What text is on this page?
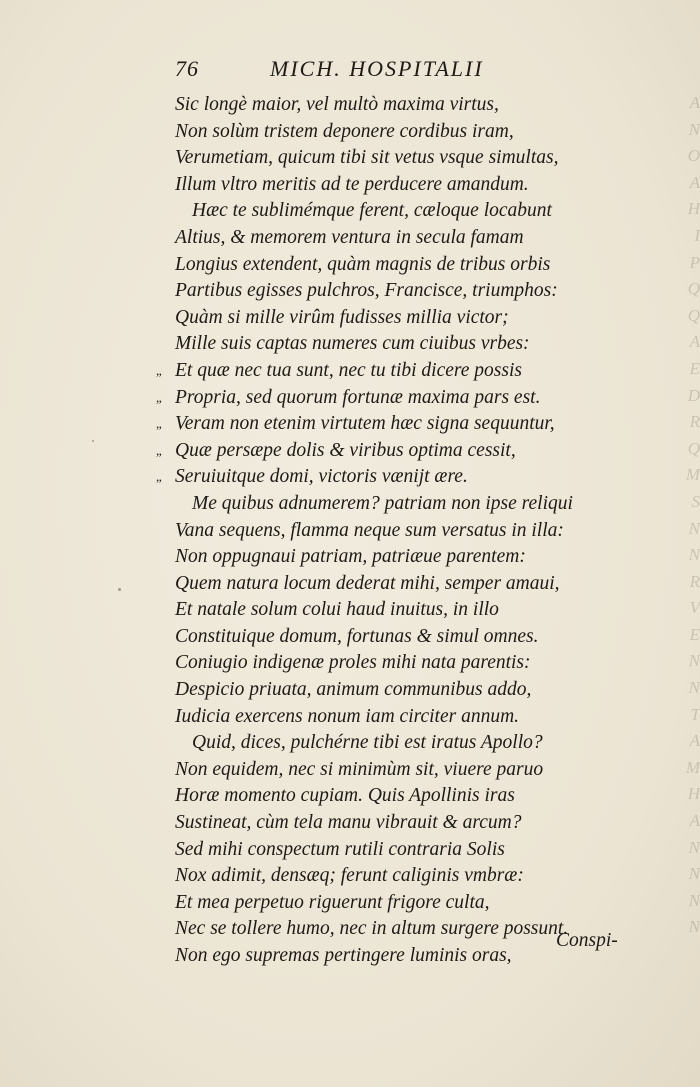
A
N
O
A
H
I
P
Q
Q
A
E
D
R
Q
M
S
N
N
R
V
E
N
N
T
A
M
H
A
N
N
N
N
76	MICH. HOSPITALII
Sic longè maior, vel multò maxima virtus,
Non solùm tristem deponere cordibus iram,
Verumetiam, quicum tibi sit vetus vsque simultas,
Illum vltro meritis ad te perducere amandum.
Hæc te sublimémque ferent, cæloque locabunt
Altius, & memorem ventura in secula famam
Longius extendent, quàm magnis de tribus orbis
Partibus egisses pulchros, Francisce, triumphos:
Quàm si mille virûm fudisses millia victor;
Mille suis captas numeres cum ciuibus vrbes:
„ Et quæ nec tua sunt, nec tu tibi dicere possis
„ Propria, sed quorum fortunæ maxima pars est.
„ Veram non etenim virtutem hæc signa sequuntur,
„ Quæ persæpe dolis & viribus optima cessit,
„ Seruiuitque domi, victoris vænijt ære.
Me quibus adnumerem? patriam non ipse reliqui
Vana sequens, flamma neque sum versatus in illa:
Non oppugnaui patriam, patriæue parentem:
Quem natura locum dederat mihi, semper amaui,
Et natale solum colui haud inuitus, in illo
Constituique domum, fortunas & simul omnes.
Coniugio indigenæ proles mihi nata parentis:
Despicio priuata, animum communibus addo,
Iudicia exercens nonum iam circiter annum.
Quid, dices, pulchérne tibi est iratus Apollo?
Non equidem, nec si minimùm sit, viuere paruo
Horæ momento cupiam. Quis Apollinis iras
Sustineat, cùm tela manu vibrauit & arcum?
Sed mihi conspectum rutili contraria Solis
Nox adimit, densæq; ferunt caliginis vmbræ:
Et mea perpetuo riguerunt frigore culta,
Nec se tollere humo, nec in altum surgere possunt.
Non ego supremas pertingere luminis oras,
Conspi-
